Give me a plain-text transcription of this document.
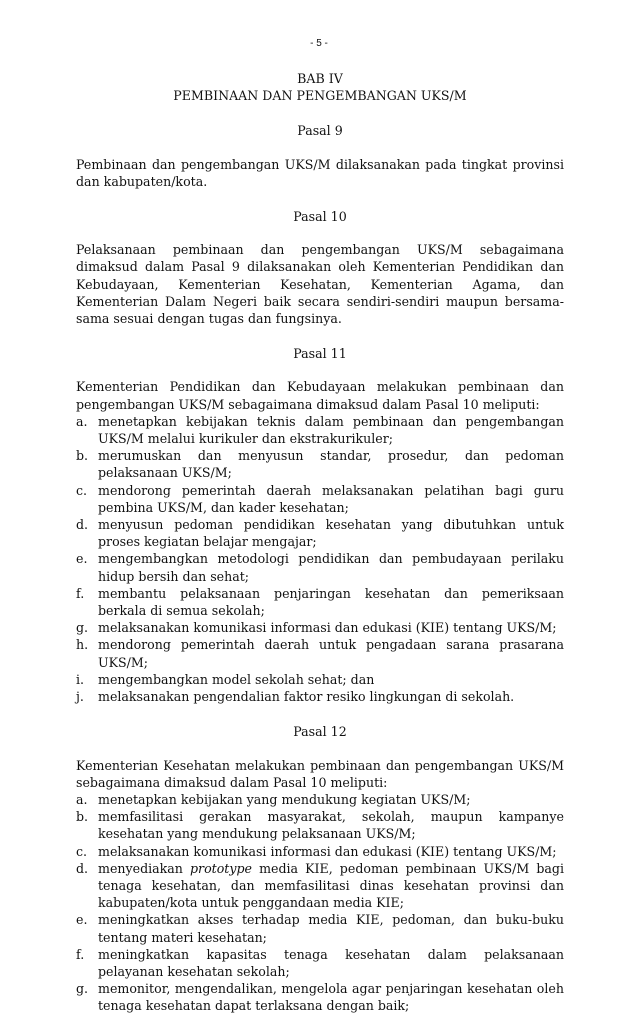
- 5 -
BAB IV
PEMBINAAN DAN PENGEMBANGAN UKS/M
Pasal 9

Pembinaan dan pengembangan UKS/M dilaksanakan pada tingkat provinsi dan kabupaten/kota.

Pasal 10

Pelaksanaan pembinaan dan pengembangan UKS/M sebagaimana dimaksud dalam Pasal 9 dilaksanakan oleh Kementerian Pendidikan dan Kebudayaan, Kementerian Kesehatan, Kementerian Agama, dan Kementerian Dalam Negeri baik secara sendiri-sendiri maupun bersama-sama sesuai dengan tugas dan fungsinya.

Pasal 11

Kementerian Pendidikan dan Kebudayaan melakukan pembinaan dan pengembangan UKS/M sebagaimana dimaksud dalam Pasal 10 meliputi:

a. menetapkan kebijakan teknis dalam pembinaan dan pengembangan UKS/M melalui kurikuler dan ekstrakurikuler;
b. merumuskan dan menyusun standar, prosedur, dan pedoman pelaksanaan UKS/M;
c. mendorong pemerintah daerah melaksanakan pelatihan bagi guru pembina UKS/M, dan kader kesehatan;
d. menyusun pedoman pendidikan kesehatan yang dibutuhkan untuk proses kegiatan belajar mengajar;
e. mengembangkan metodologi pendidikan dan pembudayaan perilaku hidup bersih dan sehat;
f.	membantu pelaksanaan penjaringan kesehatan dan pemeriksaan berkala di semua sekolah;
g. melaksanakan komunikasi informasi dan edukasi (KIE) tentang UKS/M;
h. mendorong pemerintah daerah untuk pengadaan sarana prasarana UKS/M;
i.	mengembangkan model sekolah sehat; dan
j.	melaksanakan pengendalian faktor resiko lingkungan di sekolah.
Pasal 12

Kementerian Kesehatan melakukan pembinaan dan pengembangan UKS/M sebagaimana dimaksud dalam Pasal 10 meliputi:

a. menetapkan kebijakan yang mendukung kegiatan UKS/M;
b. memfasilitasi gerakan masyarakat, sekolah, maupun kampanye kesehatan yang mendukung pelaksanaan UKS/M;
c. melaksanakan komunikasi informasi dan edukasi (KIE) tentang UKS/M;
d. menyediakan prototype media KIE, pedoman pembinaan UKS/M bagi tenaga kesehatan, dan memfasilitasi dinas kesehatan provinsi dan kabupaten/kota untuk penggandaan media KIE;
e. meningkatkan akses terhadap media KIE, pedoman, dan buku-buku tentang materi kesehatan;
f.	meningkatkan kapasitas tenaga kesehatan dalam pelaksanaan pelayanan kesehatan sekolah;
g. memonitor, mengendalikan, mengelola agar penjaringan kesehatan oleh tenaga kesehatan dapat terlaksana dengan baik;
